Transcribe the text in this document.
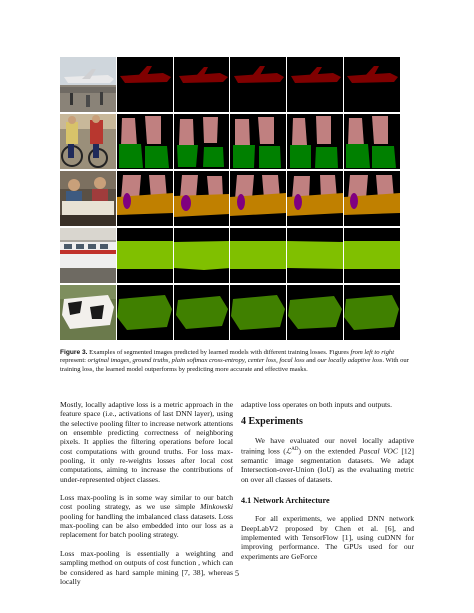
Figure 3. Examples of segmented images predicted by learned models with different training losses. Figures from left to right represent: original images, ground truths, plain softmax cross-entropy, center loss, focal loss and our locally adaptive loss. With our training loss, the learned model outperforms by predicting more accurate and effective masks.

Mostly, locally adaptive loss is a metric approach in the feature space (i.e., activations of last DNN layer), using the selective pooling filter to increase network attentions on ensemble predicting correctness of neighboring pixels. It applies the filtering operations before local cost computations with ground truths. For loss max-pooling, it only re-weights losses after local cost computations, aiming to increase the contributions of under-represented object classes.

Loss max-pooling is in some way similar to our batch cost pooling strategy, as we use simple Minkowski pooling for handling the imbalanced class datasets. Loss max-pooling can be also embedded into our loss as a replacement for batch pooling strategy.

Loss max-pooling is essentially a weighting and sampling method on outputs of cost function , which can be considered as hard sample mining [7, 38], whereas locally

adaptive loss operates on both inputs and outputs.

4 Experiments

We have evaluated our novel locally adaptive training loss (ℒ$^{AD}$) on the extended Pascal VOC [12] semantic image segmentation datasets. We adapt Intersection-over-Union (IoU) as the evaluating metric on over all classes of datasets.

4.1 Network Architecture

For all experiments, we applied DNN network DeepLabV2 proposed by Chen et al. [6], and implemented with TensorFlow [1], using cuDNN for improving performance. The GPUs used for our experiments are GeForce

5
